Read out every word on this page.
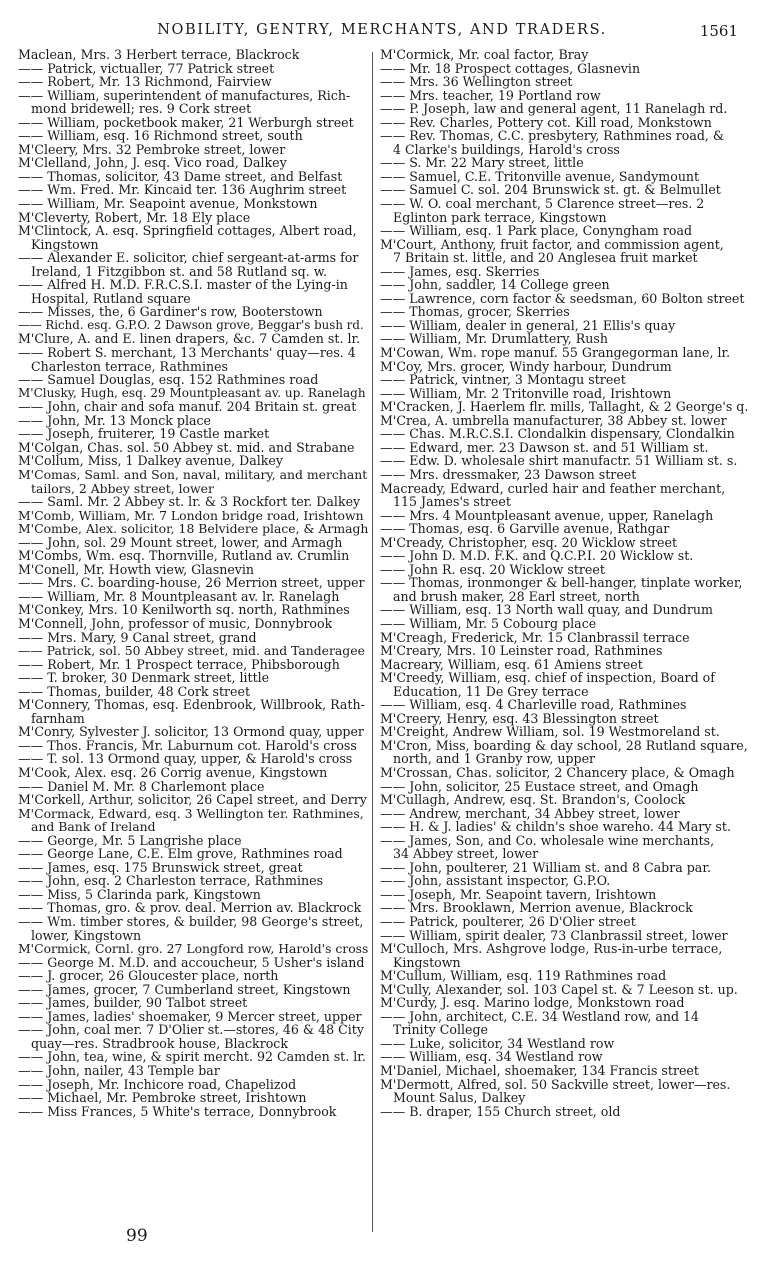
NOBILITY, GENTRY, MERCHANTS, AND TRADERS.	1561
Maclean, Mrs. 3 Herbert terrace, Blackrock
—— Patrick, victualler, 77 Patrick street
—— Robert, Mr. 13 Richmond, Fairview
—— William, superintendent of manufactures, Rich-
mond bridewell; res. 9 Cork street
—— William, pocketbook maker, 21 Werburgh street
—— William, esq. 16 Richmond street, south
M'Cleery, Mrs. 32 Pembroke street, lower
M'Clelland, John, J. esq. Vico road, Dalkey
—— Thomas, solicitor, 43 Dame street, and Belfast
—— Wm. Fred. Mr. Kincaid ter. 136 Aughrim street
—— William, Mr. Seapoint avenue, Monkstown
M'Cleverty, Robert, Mr. 18 Ely place
M'Clintock, A. esq. Springfield cottages, Albert road,
Kingstown
—— Alexander E. solicitor, chief sergeant-at-arms for
Ireland, 1 Fitzgibbon st. and 58 Rutland sq. w.
—— Alfred H. M.D. F.R.C.S.I. master of the Lying-in
Hospital, Rutland square
—— Misses, the, 6 Gardiner's row, Booterstown
—— Richd. esq. G.P.O. 2 Dawson grove, Beggar's bush rd.
M'Clure, A. and E. linen drapers, &c. 7 Camden st. lr.
—— Robert S. merchant, 13 Merchants' quay—res. 4
Charleston terrace, Rathmines
—— Samuel Douglas, esq. 152 Rathmines road
M'Clusky, Hugh, esq. 29 Mountpleasant av. up. Ranelagh
—— John, chair and sofa manuf. 204 Britain st. great
—— John, Mr. 13 Monck place
—— Joseph, fruiterer, 19 Castle market
M'Colgan, Chas. sol. 50 Abbey st. mid. and Strabane
M'Collum, Miss, 1 Dalkey avenue, Dalkey
M'Comas, Saml. and Son, naval, military, and merchant
tailors, 2 Abbey street, lower
—— Saml. Mr. 2 Abbey st. lr. & 3 Rockfort ter. Dalkey
M'Comb, William, Mr. 7 London bridge road, Irishtown
M'Combe, Alex. solicitor, 18 Belvidere place, & Armagh
—— John, sol. 29 Mount street, lower, and Armagh
M'Combs, Wm. esq. Thornville, Rutland av. Crumlin
M'Conell, Mr. Howth view, Glasnevin
—— Mrs. C. boarding-house, 26 Merrion street, upper
—— William, Mr. 8 Mountpleasant av. lr. Ranelagh
M'Conkey, Mrs. 10 Kenilworth sq. north, Rathmines
M'Connell, John, professor of music, Donnybrook
—— Mrs. Mary, 9 Canal street, grand
—— Patrick, sol. 50 Abbey street, mid. and Tanderagee
—— Robert, Mr. 1 Prospect terrace, Phibsborough
—— T. broker, 30 Denmark street, little
—— Thomas, builder, 48 Cork street
M'Connery, Thomas, esq. Edenbrook, Willbrook, Rath-
farnham
M'Conry, Sylvester J. solicitor, 13 Ormond quay, upper
—— Thos. Francis, Mr. Laburnum cot. Harold's cross
—— T. sol. 13 Ormond quay, upper, & Harold's cross
M'Cook, Alex. esq. 26 Corrig avenue, Kingstown
—— Daniel M. Mr. 8 Charlemont place
M'Corkell, Arthur, solicitor, 26 Capel street, and Derry
M'Cormack, Edward, esq. 3 Wellington ter. Rathmines,
and Bank of Ireland
—— George, Mr. 5 Langrishe place
—— George Lane, C.E. Elm grove, Rathmines road
—— James, esq. 175 Brunswick street, great
—— John, esq. 2 Charleston terrace, Rathmines
—— Miss, 5 Clarinda park, Kingstown
—— Thomas, gro. & prov. deal. Merrion av. Blackrock
—— Wm. timber stores, & builder, 98 George's street,
lower, Kingstown
M'Cormick, Cornl. gro. 27 Longford row, Harold's cross
—— George M. M.D. and accoucheur, 5 Usher's island
—— J. grocer, 26 Gloucester place, north
—— James, grocer, 7 Cumberland street, Kingstown
—— James, builder, 90 Talbot street
—— James, ladies' shoemaker, 9 Mercer street, upper
—— John, coal mer. 7 D'Olier st.—stores, 46 & 48 City
quay—res. Stradbrook house, Blackrock
—— John, tea, wine, & spirit mercht. 92 Camden st. lr.
—— John, nailer, 43 Temple bar
—— Joseph, Mr. Inchicore road, Chapelizod
—— Michael, Mr. Pembroke street, Irishtown
—— Miss Frances, 5 White's terrace, Donnybrook
M'Cormick, Mr. coal factor, Bray
—— Mr. 18 Prospect cottages, Glasnevin
—— Mrs. 36 Wellington street
—— Mrs. teacher, 19 Portland row
—— P. Joseph, law and general agent, 11 Ranelagh rd.
—— Rev. Charles, Pottery cot. Kill road, Monkstown
—— Rev. Thomas, C.C. presbytery, Rathmines road, &
4 Clarke's buildings, Harold's cross
—— S. Mr. 22 Mary street, little
—— Samuel, C.E. Tritonville avenue, Sandymount
—— Samuel C. sol. 204 Brunswick st. gt. & Belmullet
—— W. O. coal merchant, 5 Clarence street—res. 2
Eglinton park terrace, Kingstown
—— William, esq. 1 Park place, Conyngham road
M'Court, Anthony, fruit factor, and commission agent,
7 Britain st. little, and 20 Anglesea fruit market
—— James, esq. Skerries
—— John, saddler, 14 College green
—— Lawrence, corn factor & seedsman, 60 Bolton street
—— Thomas, grocer, Skerries
—— William, dealer in general, 21 Ellis's quay
—— William, Mr. Drumlattery, Rush
M'Cowan, Wm. rope manuf. 55 Grangegorman lane, lr.
M'Coy, Mrs. grocer, Windy harbour, Dundrum
—— Patrick, vintner, 3 Montagu street
—— William, Mr. 2 Tritonville road, Irishtown
M'Cracken, J. Haerlem flr. mills, Tallaght, & 2 George's q.
M'Crea, A. umbrella manufacturer, 38 Abbey st. lower
—— Chas. M.R.C.S.I. Clondalkin dispensary, Clondalkin
—— Edward, mer. 23 Dawson st. and 51 William st.
—— Edw. D. wholesale shirt manufactr. 51 William st. s.
—— Mrs. dressmaker, 23 Dawson street
Macready, Edward, curled hair and feather merchant,
115 James's street
—— Mrs. 4 Mountpleasant avenue, upper, Ranelagh
—— Thomas, esq. 6 Garville avenue, Rathgar
M'Cready, Christopher, esq. 20 Wicklow street
—— John D. M.D. F.K. and Q.C.P.I. 20 Wicklow st.
—— John R. esq. 20 Wicklow street
—— Thomas, ironmonger & bell-hanger, tinplate worker,
and brush maker, 28 Earl street, north
—— William, esq. 13 North wall quay, and Dundrum
—— William, Mr. 5 Cobourg place
M'Creagh, Frederick, Mr. 15 Clanbrassil terrace
M'Creary, Mrs. 10 Leinster road, Rathmines
Macreary, William, esq. 61 Amiens street
M'Creedy, William, esq. chief of inspection, Board of
Education, 11 De Grey terrace
—— William, esq. 4 Charleville road, Rathmines
M'Creery, Henry, esq. 43 Blessington street
M'Creight, Andrew William, sol. 19 Westmoreland st.
M'Cron, Miss, boarding & day school, 28 Rutland square,
north, and 1 Granby row, upper
M'Crossan, Chas. solicitor, 2 Chancery place, & Omagh
—— John, solicitor, 25 Eustace street, and Omagh
M'Cullagh, Andrew, esq. St. Brandon's, Coolock
—— Andrew, merchant, 34 Abbey street, lower
—— H. & J. ladies' & childn's shoe wareho. 44 Mary st.
—— James, Son, and Co. wholesale wine merchants,
34 Abbey street, lower
—— John, poulterer, 21 William st. and 8 Cabra par.
—— John, assistant inspector, G.P.O.
—— Joseph, Mr. Seapoint tavern, Irishtown
—— Mrs. Brooklawn, Merrion avenue, Blackrock
—— Patrick, poulterer, 26 D'Olier street
—— William, spirit dealer, 73 Clanbrassil street, lower
M'Culloch, Mrs. Ashgrove lodge, Rus-in-urbe terrace,
Kingstown
M'Cullum, William, esq. 119 Rathmines road
M'Cully, Alexander, sol. 103 Capel st. & 7 Leeson st. up.
M'Curdy, J. esq. Marino lodge, Monkstown road
—— John, architect, C.E. 34 Westland row, and 14
Trinity College
—— Luke, solicitor, 34 Westland row
—— William, esq. 34 Westland row
M'Daniel, Michael, shoemaker, 134 Francis street
M'Dermott, Alfred, sol. 50 Sackville street, lower—res.
Mount Salus, Dalkey
—— B. draper, 155 Church street, old
99
